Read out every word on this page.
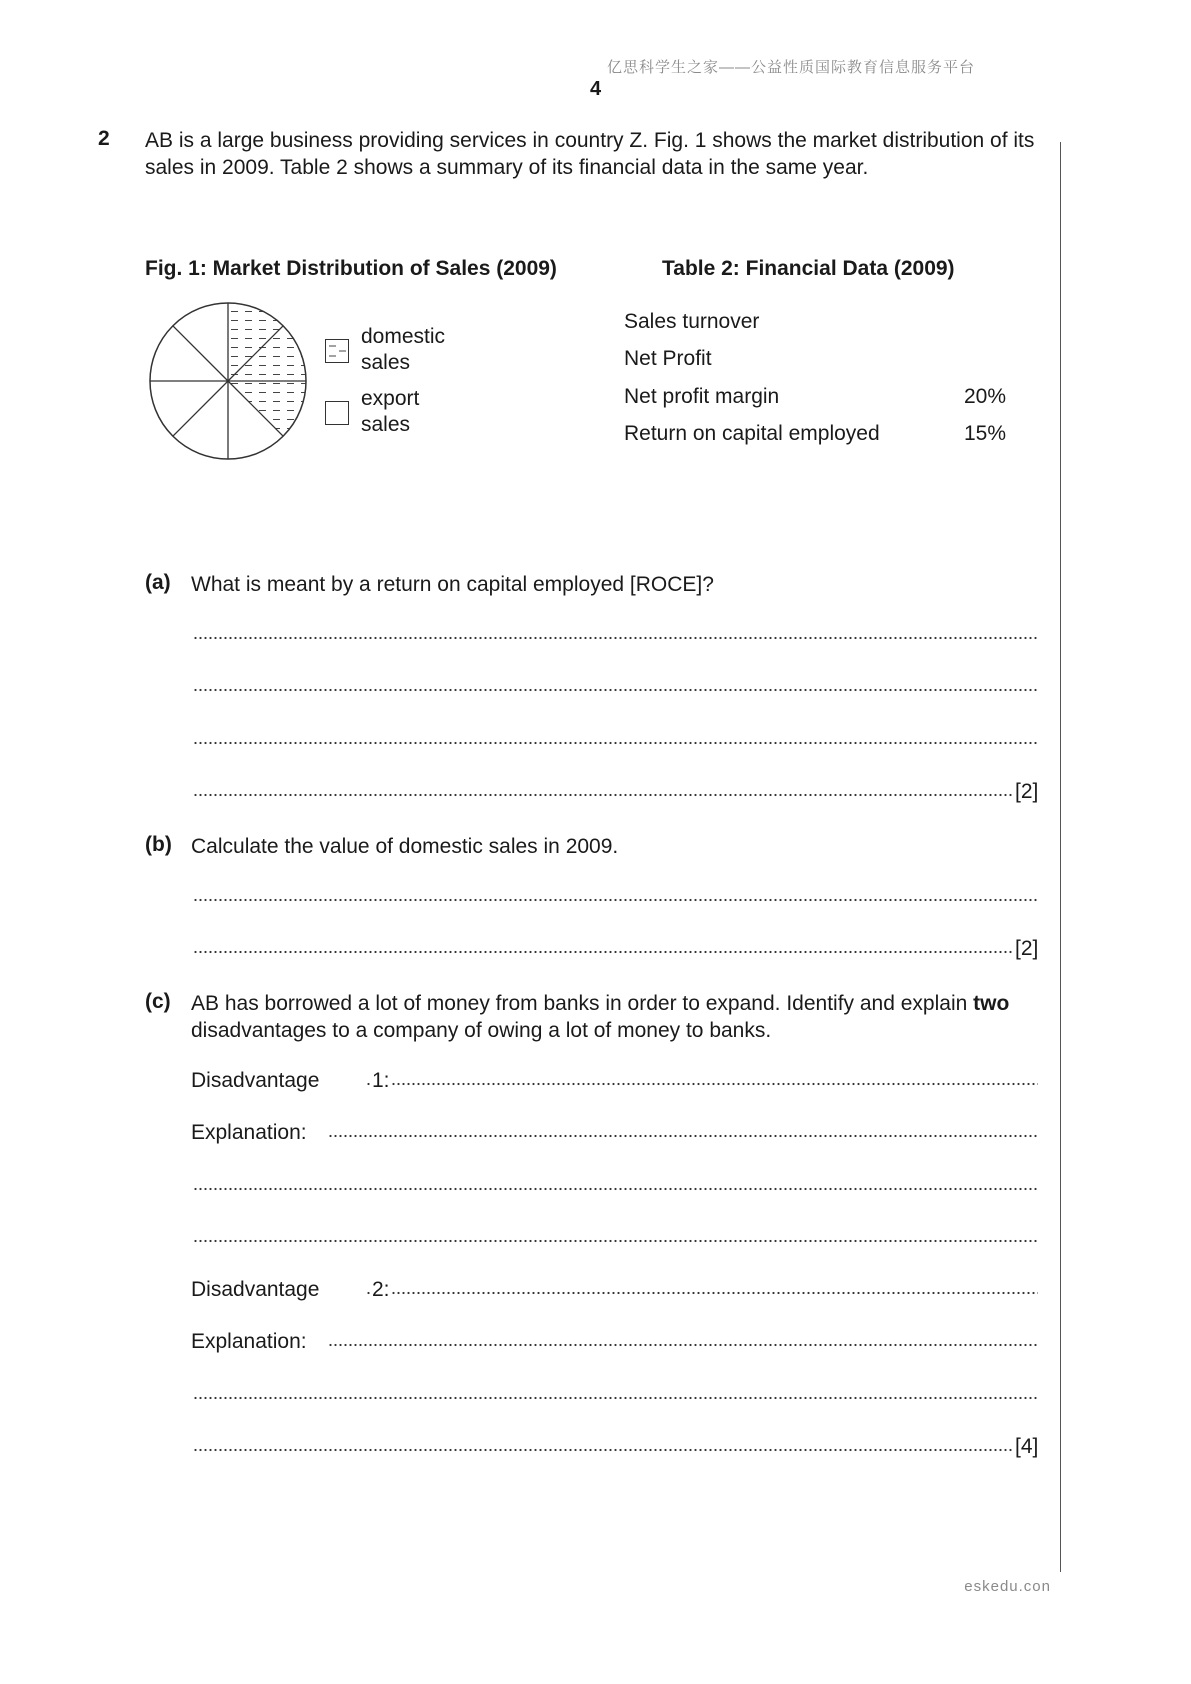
亿思科学生之家——公益性质国际教育信息服务平台
4
2 AB is a large business providing services in country Z. Fig. 1 shows the market distribution of its sales in 2009. Table 2 shows a summary of its financial data in the same year.
Fig. 1: Market Distribution of Sales (2009)	Table 2: Financial Data (2009)
domestic
sales
export
sales
Sales turnover
Net Profit
Net profit margin	20%
Return on capital employed	15%
(a) What is meant by a return on capital employed [ROCE]?
[2]
(b) Calculate the value of domestic sales in 2009.
[2]
(c) AB has borrowed a lot of money from banks in order to expand. Identify and explain two disadvantages to a company of owing a lot of money to banks.
Disadvantage	1:
Explanation:
Disadvantage	2:
Explanation:
[4]
eskedu.con
